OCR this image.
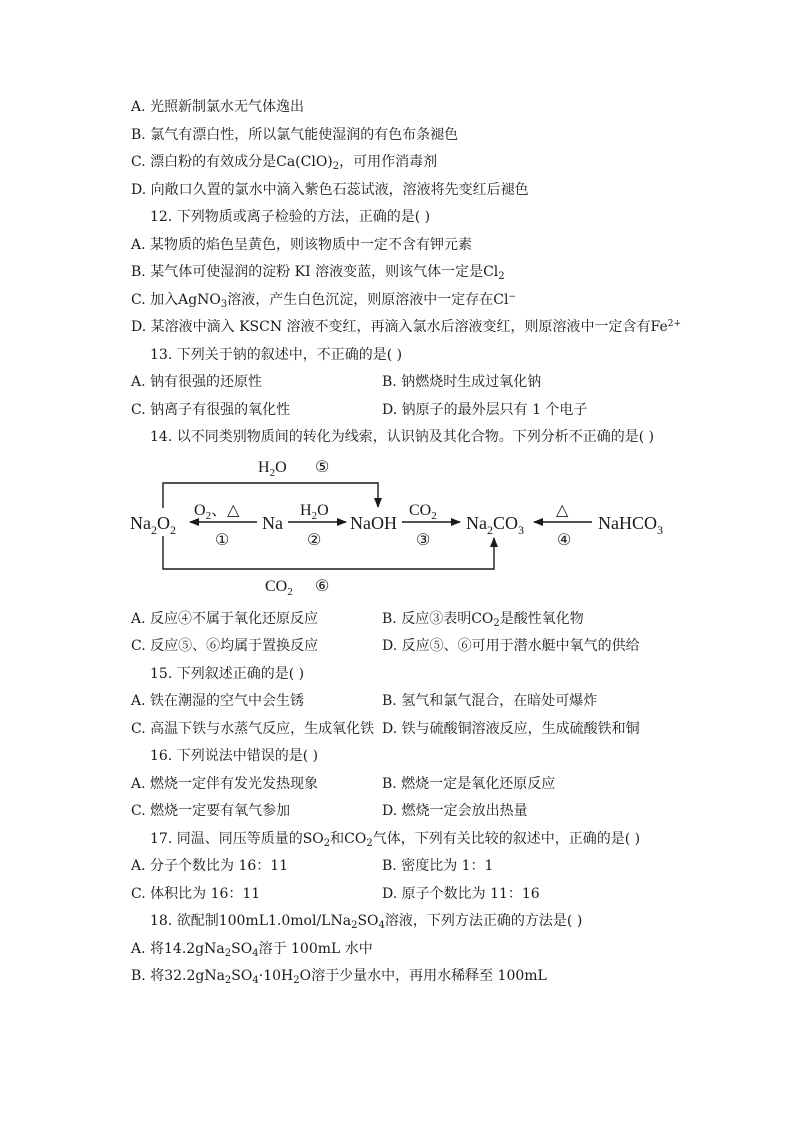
A. 光照新制氯水无气体逸出
B. 氯气有漂白性，所以氯气能使湿润的有色布条褪色
C. 漂白粉的有效成分是$Ca(ClO)_2$，可用作消毒剂
D. 向敞口久置的氯水中滴入紫色石蕊试液，溶液将先变红后褪色
12. 下列物质或离子检验的方法，正确的是( )
A. 某物质的焰色呈黄色，则该物质中一定不含有钾元素
B. 某气体可使湿润的淀粉 KI 溶液变蓝，则该气体一定是$Cl_2$
C. 加入AgNO$_3$溶液，产生白色沉淀，则原溶液中一定存在Cl−
D. 某溶液中滴入 KSCN 溶液不变红，再滴入氯水后溶液变红，则原溶液中一定含有$Fe^{2+}$
13. 下列关于钠的叙述中，不正确的是( )
A. 钠有很强的还原性	B. 钠燃烧时生成过氧化钠
C. 钠离子有很强的氧化性	D. 钠原子的最外层只有 1 个电子
14. 以不同类别物质间的转化为线索，认识钠及其化合物。下列分析不正确的是( )
$Na_2O_2$	Na	NaOH	$Na_2CO_3$	NaHCO$_3$
$O_2$、△
①
$H_2O$
②
$CO_2$
③
△
④
$H_2O$ ⑤
$CO_2$ ⑥
A. 反应④不属于氧化还原反应	B. 反应③表明$CO_2$是酸性氧化物
C. 反应⑤、⑥均属于置换反应	D. 反应⑤、⑥可用于潜水艇中氧气的供给
15. 下列叙述正确的是( )
A. 铁在潮湿的空气中会生锈	B. 氢气和氯气混合，在暗处可爆炸
C. 高温下铁与水蒸气反应，生成氧化铁 D. 铁与硫酸铜溶液反应，生成硫酸铁和铜
16. 下列说法中错误的是( )
A. 燃烧一定伴有发光发热现象	B. 燃烧一定是氧化还原反应
C. 燃烧一定要有氧气参加	D. 燃烧一定会放出热量
17. 同温、同压等质量的$SO_2$和$CO_2$气体，下列有关比较的叙述中，正确的是( )
A. 分子个数比为 16：11	B. 密度比为 1：1
C. 体积比为 16：11	D. 原子个数比为 11：16
18. 欲配制$100mL1.0mol/LNa_2SO_4$溶液，下列方法正确的方法是( )
A. 将$14.2gNa_2SO_4$溶于 100mL 水中
B. 将$32.2gNa_2SO_4\cdot 10H_2O$溶于少量水中，再用水稀释至 100mL
